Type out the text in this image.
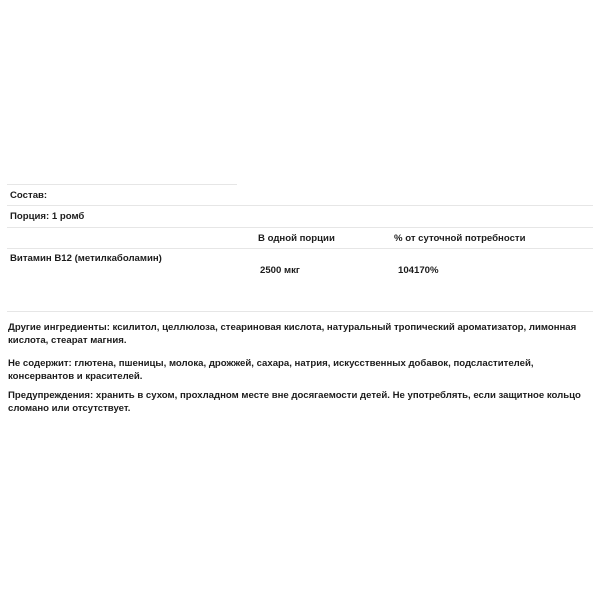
Состав:
Порция: 1 ромб
В одной порции	% от суточной потребности
Витамин B12 (метилкаболамин)
2500 мкг	104170%
Другие ингредиенты: ксилитол, целлюлоза, стеариновая кислота, натуральный тропический ароматизатор, лимонная кислота, стеарат магния.
Не содержит: глютена, пшеницы, молока, дрожжей, сахара, натрия, искусственных добавок, подсластителей, консервантов и красителей.
Предупреждения: хранить в сухом, прохладном месте вне досягаемости детей. Не употреблять, если защитное кольцо сломано или отсутствует.
